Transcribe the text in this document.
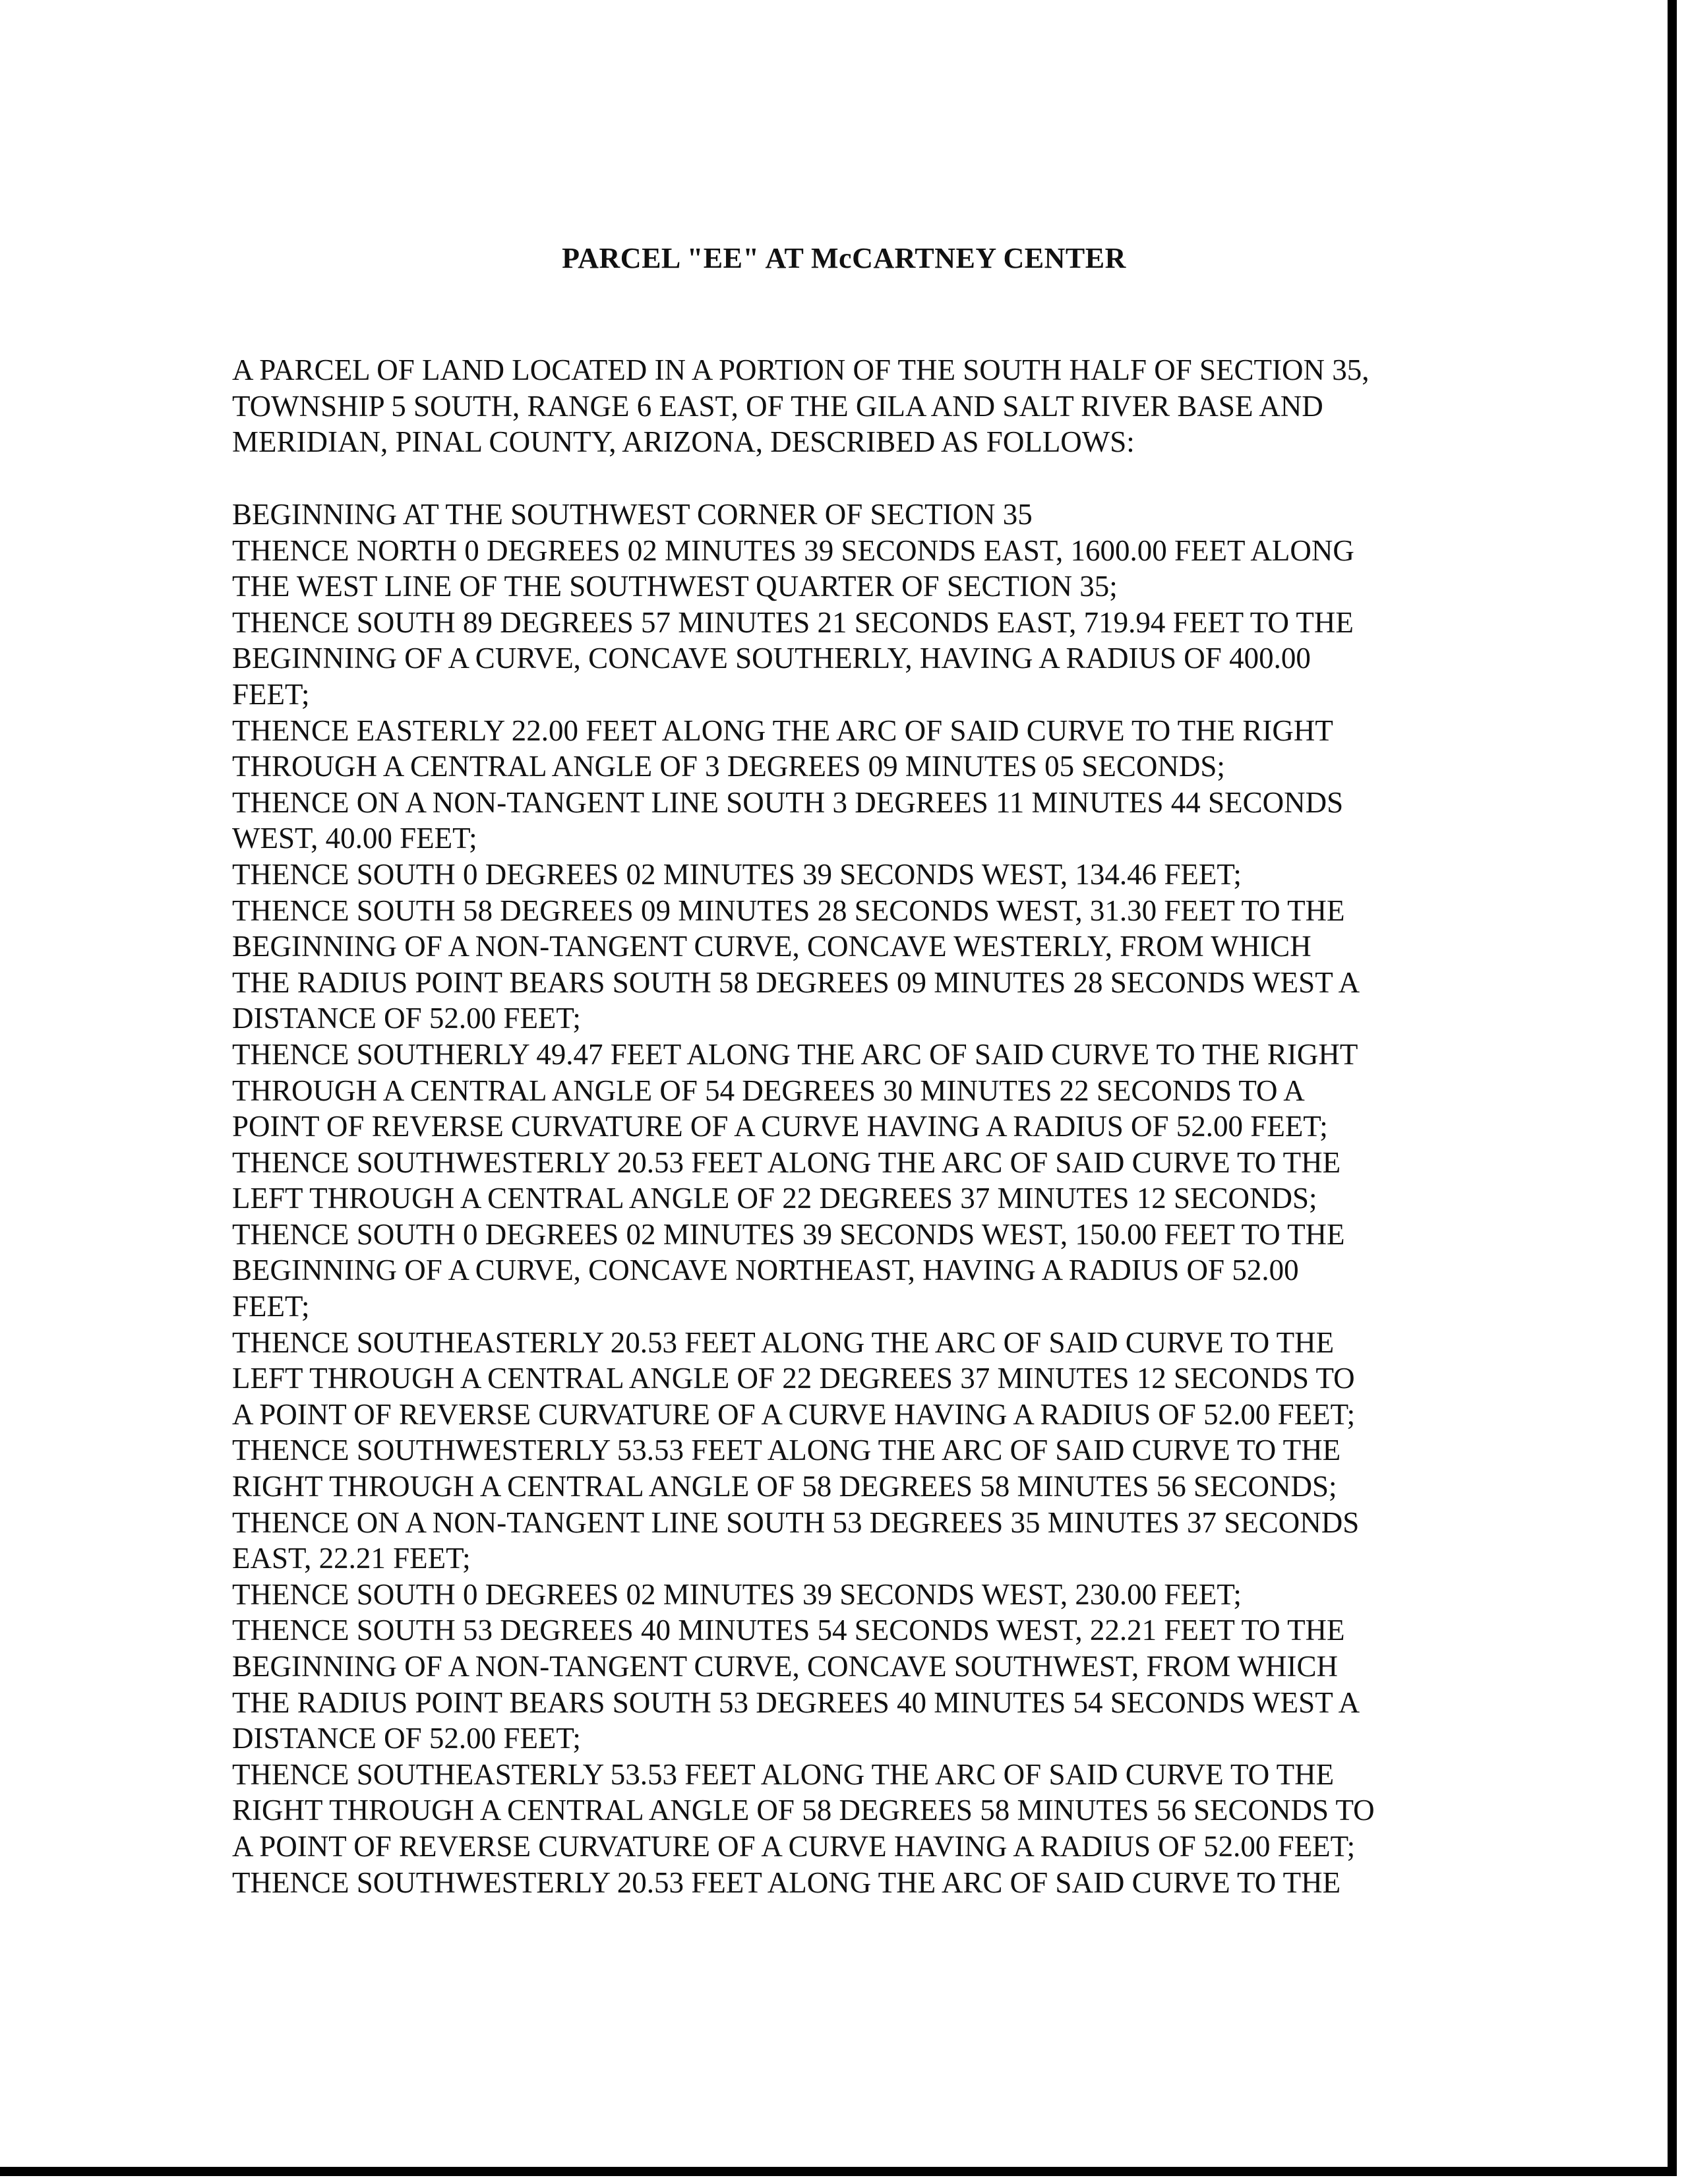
PARCEL "EE" AT McCARTNEY CENTER

A PARCEL OF LAND LOCATED IN A PORTION OF THE SOUTH HALF OF SECTION 35,
TOWNSHIP 5 SOUTH, RANGE 6 EAST, OF THE GILA AND SALT RIVER BASE AND
MERIDIAN, PINAL COUNTY, ARIZONA, DESCRIBED AS FOLLOWS:

BEGINNING AT THE SOUTHWEST CORNER OF SECTION 35
THENCE NORTH 0 DEGREES 02 MINUTES 39 SECONDS EAST, 1600.00 FEET ALONG
THE WEST LINE OF THE SOUTHWEST QUARTER OF SECTION 35;
THENCE SOUTH 89 DEGREES 57 MINUTES 21 SECONDS EAST, 719.94 FEET TO THE
BEGINNING OF A CURVE, CONCAVE SOUTHERLY, HAVING A RADIUS OF 400.00
FEET;
THENCE EASTERLY 22.00 FEET ALONG THE ARC OF SAID CURVE TO THE RIGHT
THROUGH A CENTRAL ANGLE OF 3 DEGREES 09 MINUTES 05 SECONDS;
THENCE ON A NON-TANGENT LINE SOUTH 3 DEGREES 11 MINUTES 44 SECONDS
WEST, 40.00 FEET;
THENCE SOUTH 0 DEGREES 02 MINUTES 39 SECONDS WEST, 134.46 FEET;
THENCE SOUTH 58 DEGREES 09 MINUTES 28 SECONDS WEST, 31.30 FEET TO THE
BEGINNING OF A NON-TANGENT CURVE, CONCAVE WESTERLY, FROM WHICH
THE RADIUS POINT BEARS SOUTH 58 DEGREES 09 MINUTES 28 SECONDS WEST A
DISTANCE OF 52.00 FEET;
THENCE SOUTHERLY 49.47 FEET ALONG THE ARC OF SAID CURVE TO THE RIGHT
THROUGH A CENTRAL ANGLE OF 54 DEGREES 30 MINUTES 22 SECONDS TO A
POINT OF REVERSE CURVATURE OF A CURVE HAVING A RADIUS OF 52.00 FEET;
THENCE SOUTHWESTERLY 20.53 FEET ALONG THE ARC OF SAID CURVE TO THE
LEFT THROUGH A CENTRAL ANGLE OF 22 DEGREES 37 MINUTES 12 SECONDS;
THENCE SOUTH 0 DEGREES 02 MINUTES 39 SECONDS WEST, 150.00 FEET TO THE
BEGINNING OF A CURVE, CONCAVE NORTHEAST, HAVING A RADIUS OF 52.00
FEET;
THENCE SOUTHEASTERLY 20.53 FEET ALONG THE ARC OF SAID CURVE TO THE
LEFT THROUGH A CENTRAL ANGLE OF 22 DEGREES 37 MINUTES 12 SECONDS TO
A POINT OF REVERSE CURVATURE OF A CURVE HAVING A RADIUS OF 52.00 FEET;
THENCE SOUTHWESTERLY 53.53 FEET ALONG THE ARC OF SAID CURVE TO THE
RIGHT THROUGH A CENTRAL ANGLE OF 58 DEGREES 58 MINUTES 56 SECONDS;
THENCE ON A NON-TANGENT LINE SOUTH 53 DEGREES 35 MINUTES 37 SECONDS
EAST, 22.21 FEET;
THENCE SOUTH 0 DEGREES 02 MINUTES 39 SECONDS WEST, 230.00 FEET;
THENCE SOUTH 53 DEGREES 40 MINUTES 54 SECONDS WEST, 22.21 FEET TO THE
BEGINNING OF A NON-TANGENT CURVE, CONCAVE SOUTHWEST, FROM WHICH
THE RADIUS POINT BEARS SOUTH 53 DEGREES 40 MINUTES 54 SECONDS WEST A
DISTANCE OF 52.00 FEET;
THENCE SOUTHEASTERLY 53.53 FEET ALONG THE ARC OF SAID CURVE TO THE
RIGHT THROUGH A CENTRAL ANGLE OF 58 DEGREES 58 MINUTES 56 SECONDS TO
A POINT OF REVERSE CURVATURE OF A CURVE HAVING A RADIUS OF 52.00 FEET;
THENCE SOUTHWESTERLY 20.53 FEET ALONG THE ARC OF SAID CURVE TO THE
